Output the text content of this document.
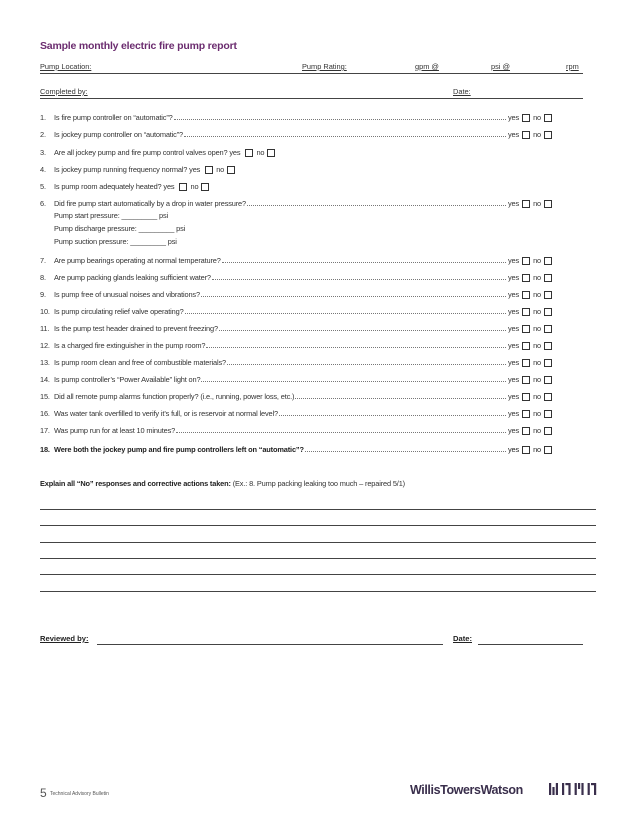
Sample monthly electric fire pump report
Pump Location:	Pump Rating:	gpm @	psi @	rpm
Completed by:	Date:
1.	Is fire pump controller on “automatic”?	yes no
2.	Is jockey pump controller on “automatic”?	yes no
3.	Are all jockey pump and fire pump control valves open? yes no
4.	Is jockey pump running frequency normal? yes no
5.	Is pump room adequately heated? yes no
6.	Did fire pump start automatically by a drop in water pressure?	yes no
Pump start pressure: _________ psi
Pump discharge pressure: _________ psi
Pump suction pressure: _________ psi
7.	Are pump bearings operating at normal temperature?	yes no
8.	Are pump packing glands leaking sufficient water?	yes no
9.	Is pump free of unusual noises and vibrations?	yes no
10. Is pump circulating relief valve operating?	yes no
11. Is the pump test header drained to prevent freezing?	yes no
12. Is a charged fire extinguisher in the pump room?	yes no
13. Is pump room clean and free of combustible materials?	yes no
14. Is pump controller’s “Power Available” light on?	yes no
15. Did all remote pump alarms function properly? (i.e., running, power loss, etc.)	yes no
16. Was water tank overfilled to verify it’s full, or is reservoir at normal level?	yes no
17. Was pump run for at least 10 minutes?	yes no
18. Were both the jockey pump and fire pump controllers left on “automatic”?	yes no
Explain all “No” responses and corrective actions taken: (Ex.: 8. Pump packing leaking too much – repaired 5/1)
Reviewed by:	Date:
5 Technical Advisory Bulletin	WillisTowersWatson
